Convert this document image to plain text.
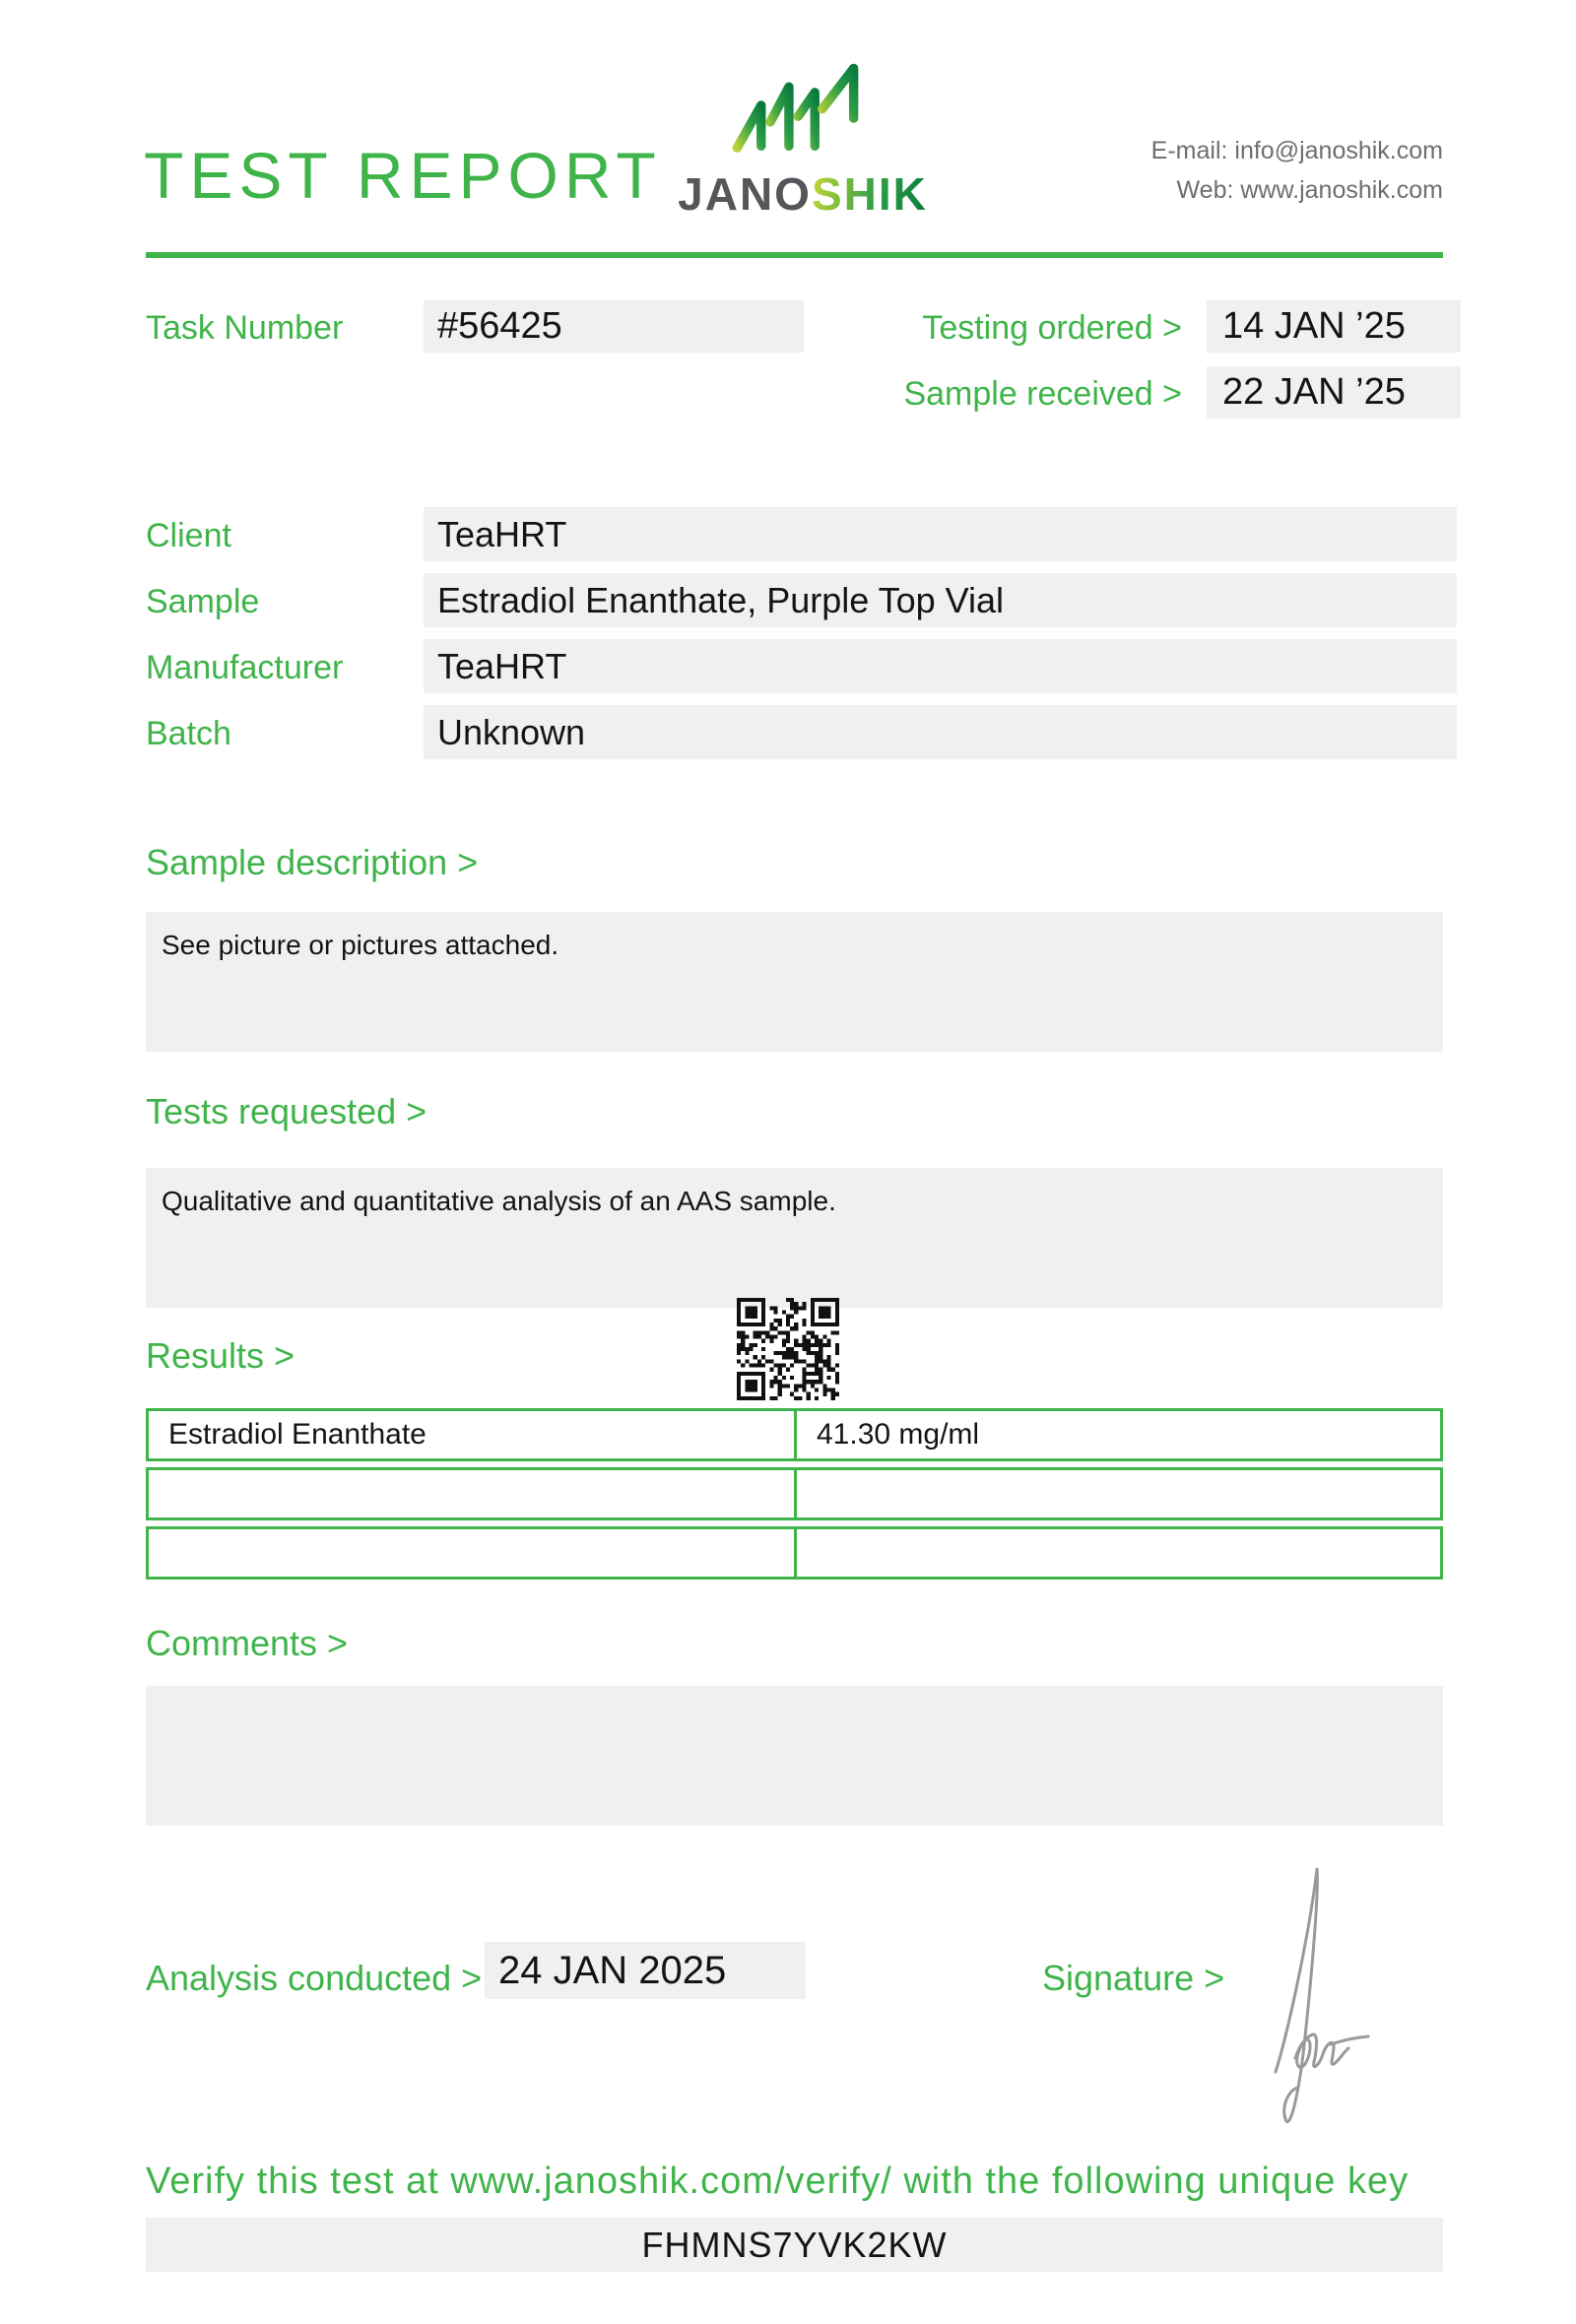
TEST REPORT JANOSHIK
E-mail: info@janoshik.com
Web: www.janoshik.com
Task Number	#56425	Testing ordered >	14 JAN ’25
Sample received >	22 JAN ’25
Client	TeaHRT
Sample	Estradiol Enanthate, Purple Top Vial
Manufacturer	TeaHRT
Batch	Unknown
Sample description >
See picture or pictures attached.
Tests requested >
Qualitative and quantitative analysis of an AAS sample.
Results >
Estradiol Enanthate	41.30 mg/ml

Comments >
Analysis conducted > 24 JAN 2025	Signature >
Verify this test at www.janoshik.com/verify/ with the following unique key
FHMNS7YVK2KW
